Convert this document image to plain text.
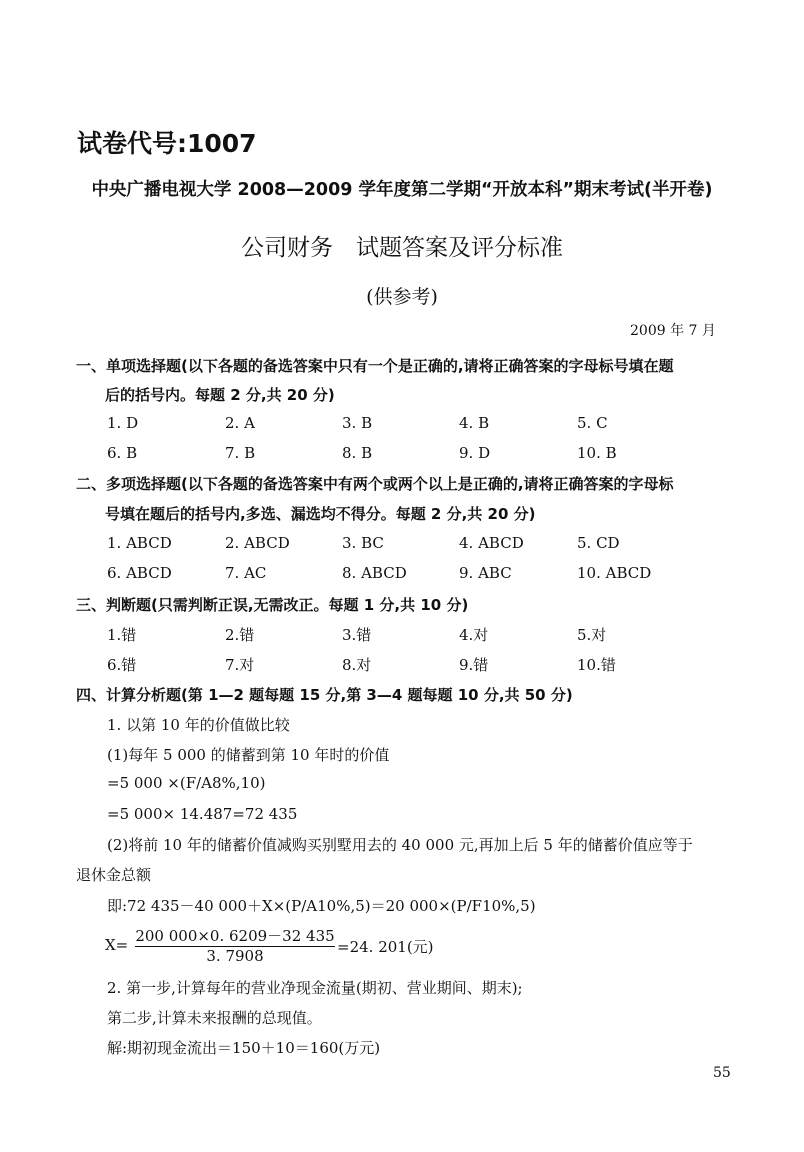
试卷代号:1007
中央广播电视大学 2008—2009 学年度第二学期“开放本科”期末考试(半开卷)
公司财务　试题答案及评分标准
(供参考)
2009 年 7 月
一、单项选择题(以下各题的备选答案中只有一个是正确的,请将正确答案的字母标号填在题
后的括号内。每题 2 分,共 20 分)
1. D	2. A	3. B	4. B	5. C
6. B	7. B	8. B	9. D	10. B
二、多项选择题(以下各题的备选答案中有两个或两个以上是正确的,请将正确答案的字母标
号填在题后的括号内,多选、漏选均不得分。每题 2 分,共 20 分)
1. ABCD	2. ABCD	3. BC	4. ABCD	5. CD
6. ABCD	7. AC	8. ABCD	9. ABC	10. ABCD
三、判断题(只需判断正误,无需改正。每题 1 分,共 10 分)
1.错	2.错	3.错	4.对	5.对
6.错	7.对	8.对	9.错	10.错
四、计算分析题(第 1—2 题每题 15 分,第 3—4 题每题 10 分,共 50 分)
1. 以第 10 年的价值做比较
(1)每年 5 000 的储蓄到第 10 年时的价值
=5 000 ×(F/A8%,10)
=5 000× 14.487=72 435
(2)将前 10 年的储蓄价值减购买别墅用去的 40 000 元,再加上后 5 年的储蓄价值应等于
退休金总额
即:72 435－40 000＋X×(P/A10%,5)＝20 000×(P/F10%,5)
X= 200 000×0. 6209－32 435
3. 7908	=24. 201(元)
2. 第一步,计算每年的营业净现金流量(期初、营业期间、期末);
第二步,计算未来报酬的总现值。
解:期初现金流出＝150＋10＝160(万元)
55
